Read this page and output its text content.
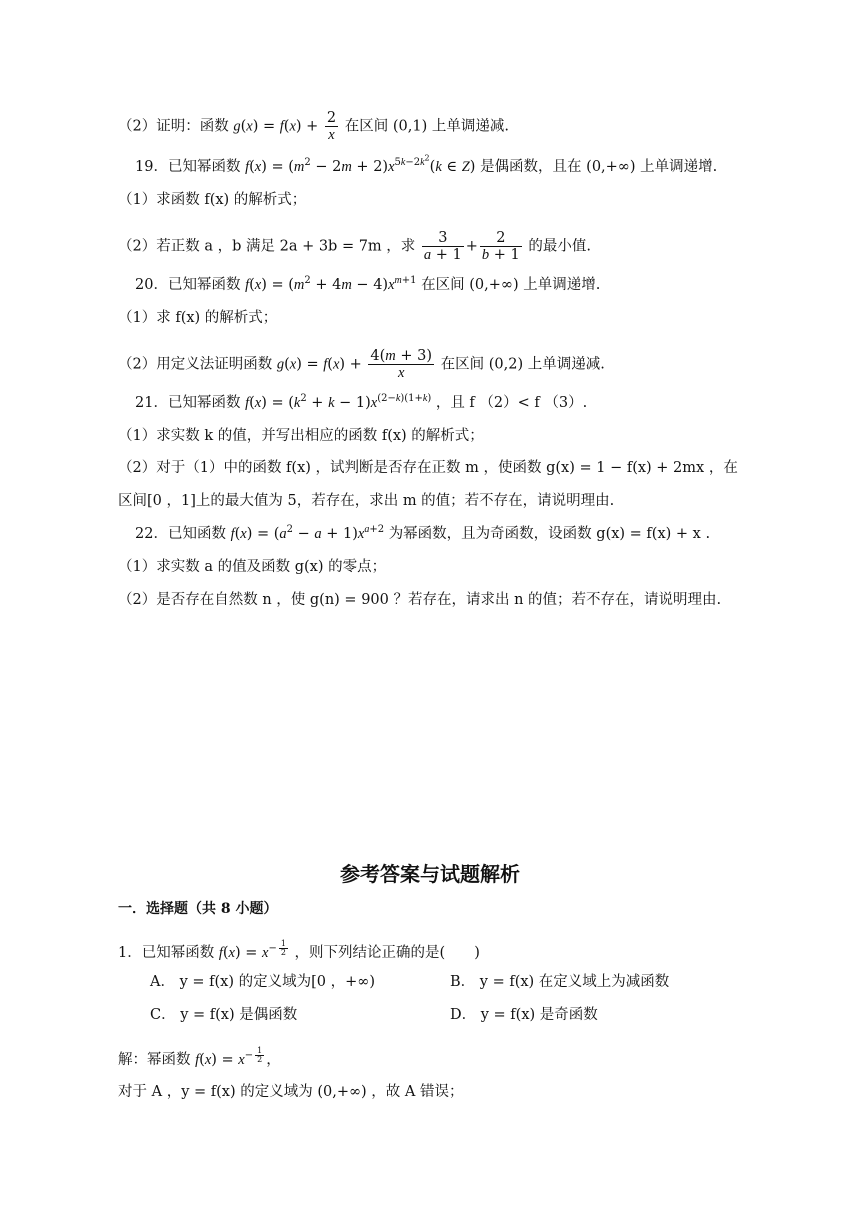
（2）证明：函数 $g(x) = f(x) + \frac{2}{x}$ 在区间 (0,1) 上单调递减.
19．已知幂函数 $f(x) = (m^2 - 2m + 2)x^{5k-2k^2}(k$ ∈ Z) 是偶函数，且在 (0,+∞) 上单调递增.
（1）求函数 f(x) 的解析式；
（2）若正数 a ，b 满足 2a + 3b = 7m ，求 $\frac{3}{a + 1} + \frac{2}{b + 1}$ 的最小值.
20．已知幂函数 $f(x) = (m^2 + 4m - 4)x^{m+1}$ 在区间 (0,+∞) 上单调递增.
（1）求 f(x) 的解析式；
（2）用定义法证明函数 $g(x) = f(x) + \frac{4(m + 3)}{x}$ 在区间 (0,2) 上单调递减.
21．已知幂函数 $f(x) = (k^2 + k - 1)x^{(2-k)(1+k)}$ ，且 f （2）< f （3）.
（1）求实数 k 的值，并写出相应的函数 f(x) 的解析式；
（2）对于（1）中的函数 f(x) ，试判断是否存在正数 m ，使函数 g(x) = 1 − f(x) + 2mx ，在
区间[0 ，1]上的最大值为 5，若存在，求出 m 的值；若不存在，请说明理由.
22．已知函数 $f(x) = (a^2 - a + 1)x^{a+2}$ 为幂函数，且为奇函数，设函数 g(x) = f(x) + x .
（1）求实数 a 的值及函数 g(x) 的零点；
（2）是否存在自然数 n ，使 g(n) = 900 ？若存在，请求出 n 的值；若不存在，请说明理由.
参考答案与试题解析
一．选择题（共 8 小题）
1．已知幂函数 $f(x) = x^{- \frac{1}{2}}$ ，则下列结论正确的是(　　)
A． y = f(x) 的定义域为[0 ，+∞)	B． y = f(x) 在定义域上为减函数
C． y = f(x) 是偶函数	D． y = f(x) 是奇函数
解：幂函数 $f(x) = x^{- \frac{1}{2}}$ ，
对于 A ，y = f(x) 的定义域为 (0,+∞) ，故 A 错误；
